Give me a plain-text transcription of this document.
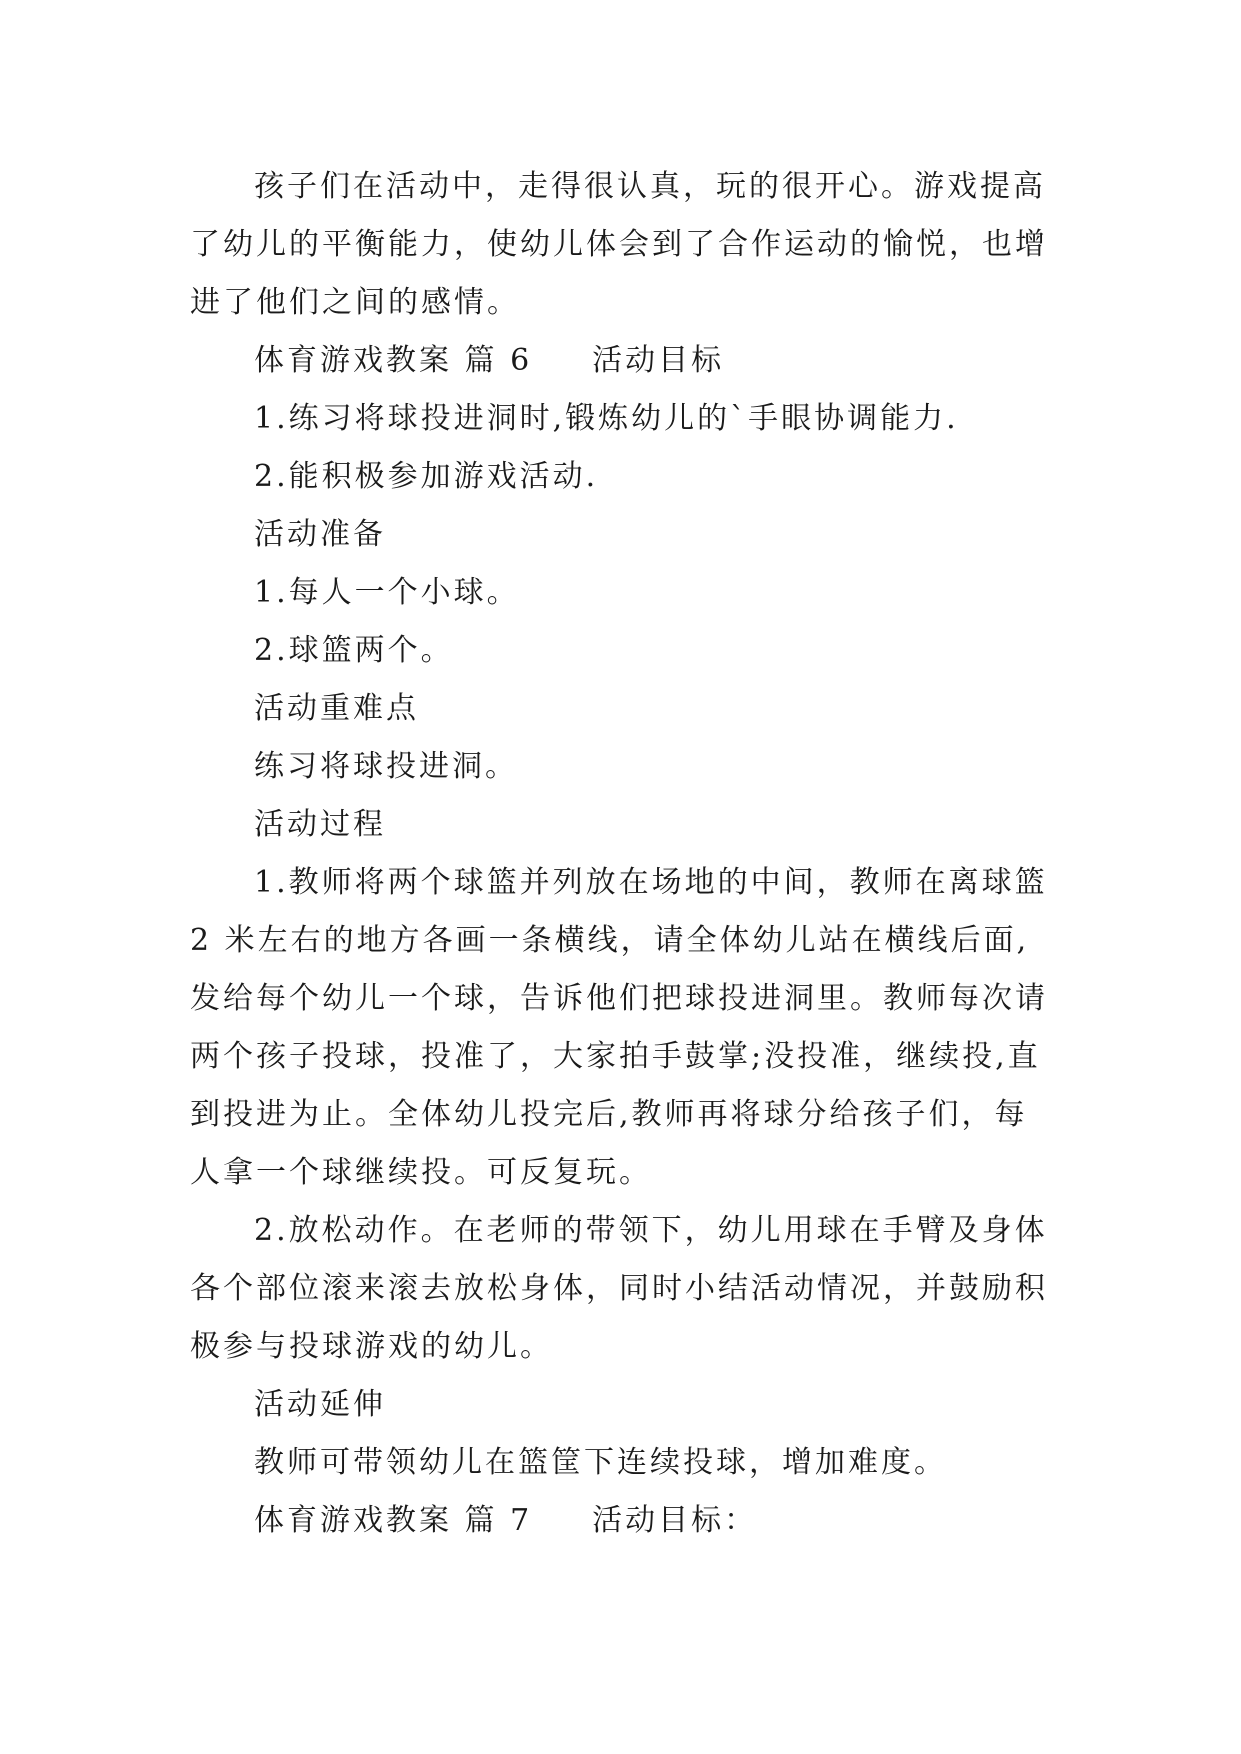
孩子们在活动中，走得很认真，玩的很开心。游戏提高了幼儿的平衡能力，使幼儿体会到了合作运动的愉悦，也增进了他们之间的感情。

体育游戏教案 篇 6 活动目标

1.练习将球投进洞时,锻炼幼儿的`手眼协调能力.

2.能积极参加游戏活动.

活动准备

1.每人一个小球。

2.球篮两个。

活动重难点

练习将球投进洞。

活动过程

1.教师将两个球篮并列放在场地的中间，教师在离球篮 2 米左右的地方各画一条横线，请全体幼儿站在横线后面,发给每个幼儿一个球，告诉他们把球投进洞里。教师每次请两个孩子投球，投准了，大家拍手鼓掌;没投准，继续投,直到投进为止。全体幼儿投完后,教师再将球分给孩子们，每人拿一个球继续投。可反复玩。

2.放松动作。在老师的带领下，幼儿用球在手臂及身体各个部位滚来滚去放松身体，同时小结活动情况，并鼓励积极参与投球游戏的幼儿。

活动延伸

教师可带领幼儿在篮筐下连续投球，增加难度。

体育游戏教案 篇 7 活动目标：
